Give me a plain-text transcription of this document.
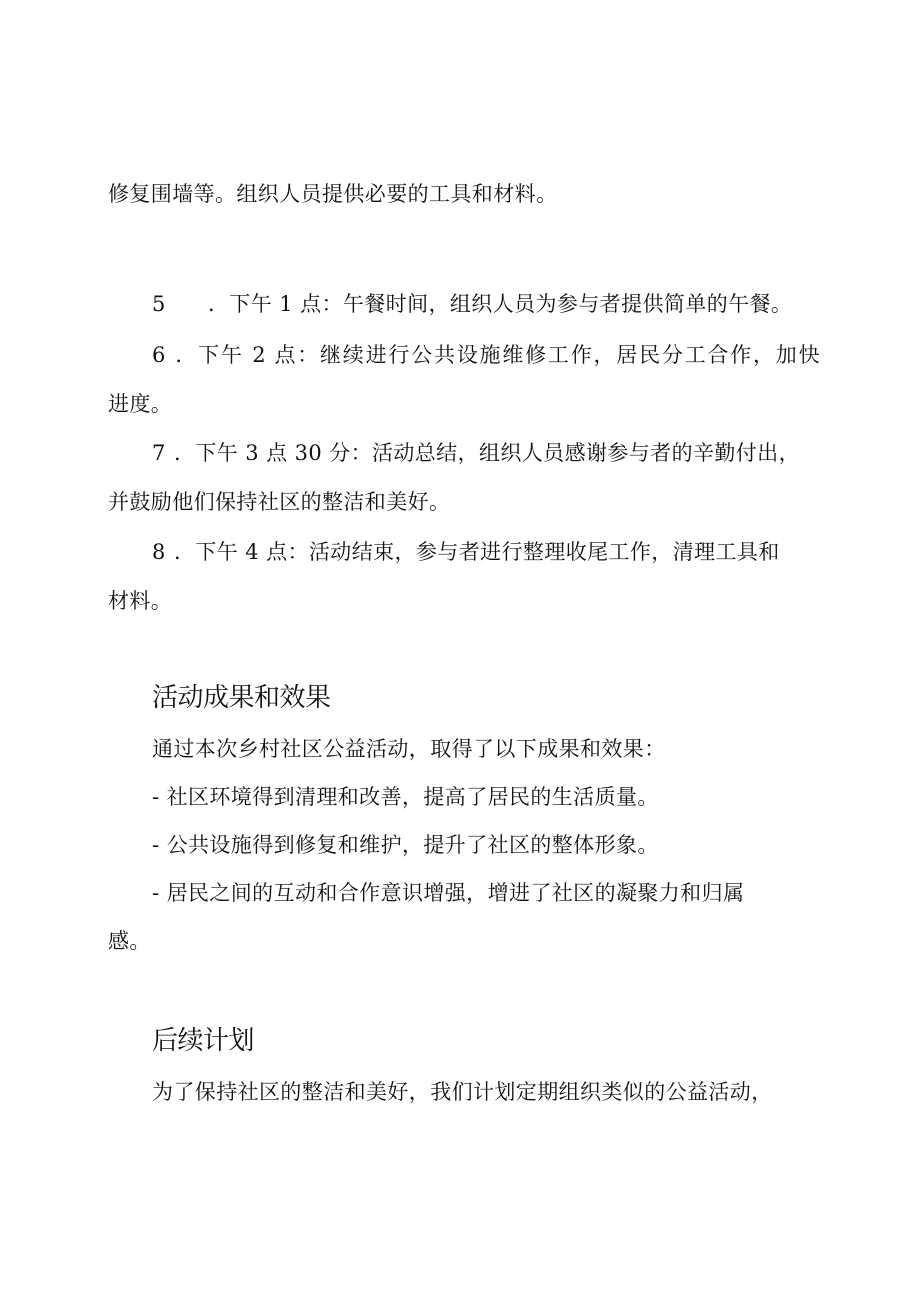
修复围墙等。组织人员提供必要的工具和材料。
5 ．下午 1 点：午餐时间，组织人员为参与者提供简单的午餐。
6 ．下午 2 点：继续进行公共设施维修工作，居民分工合作，加快
进度。
7 ．下午 3 点 30 分：活动总结，组织人员感谢参与者的辛勤付出，
并鼓励他们保持社区的整洁和美好。
8 ．下午 4 点：活动结束，参与者进行整理收尾工作，清理工具和
材料。
活动成果和效果
通过本次乡村社区公益活动，取得了以下成果和效果：
- 社区环境得到清理和改善，提高了居民的生活质量。
- 公共设施得到修复和维护，提升了社区的整体形象。
- 居民之间的互动和合作意识增强，增进了社区的凝聚力和归属
感。
后续计划
为了保持社区的整洁和美好，我们计划定期组织类似的公益活动，
